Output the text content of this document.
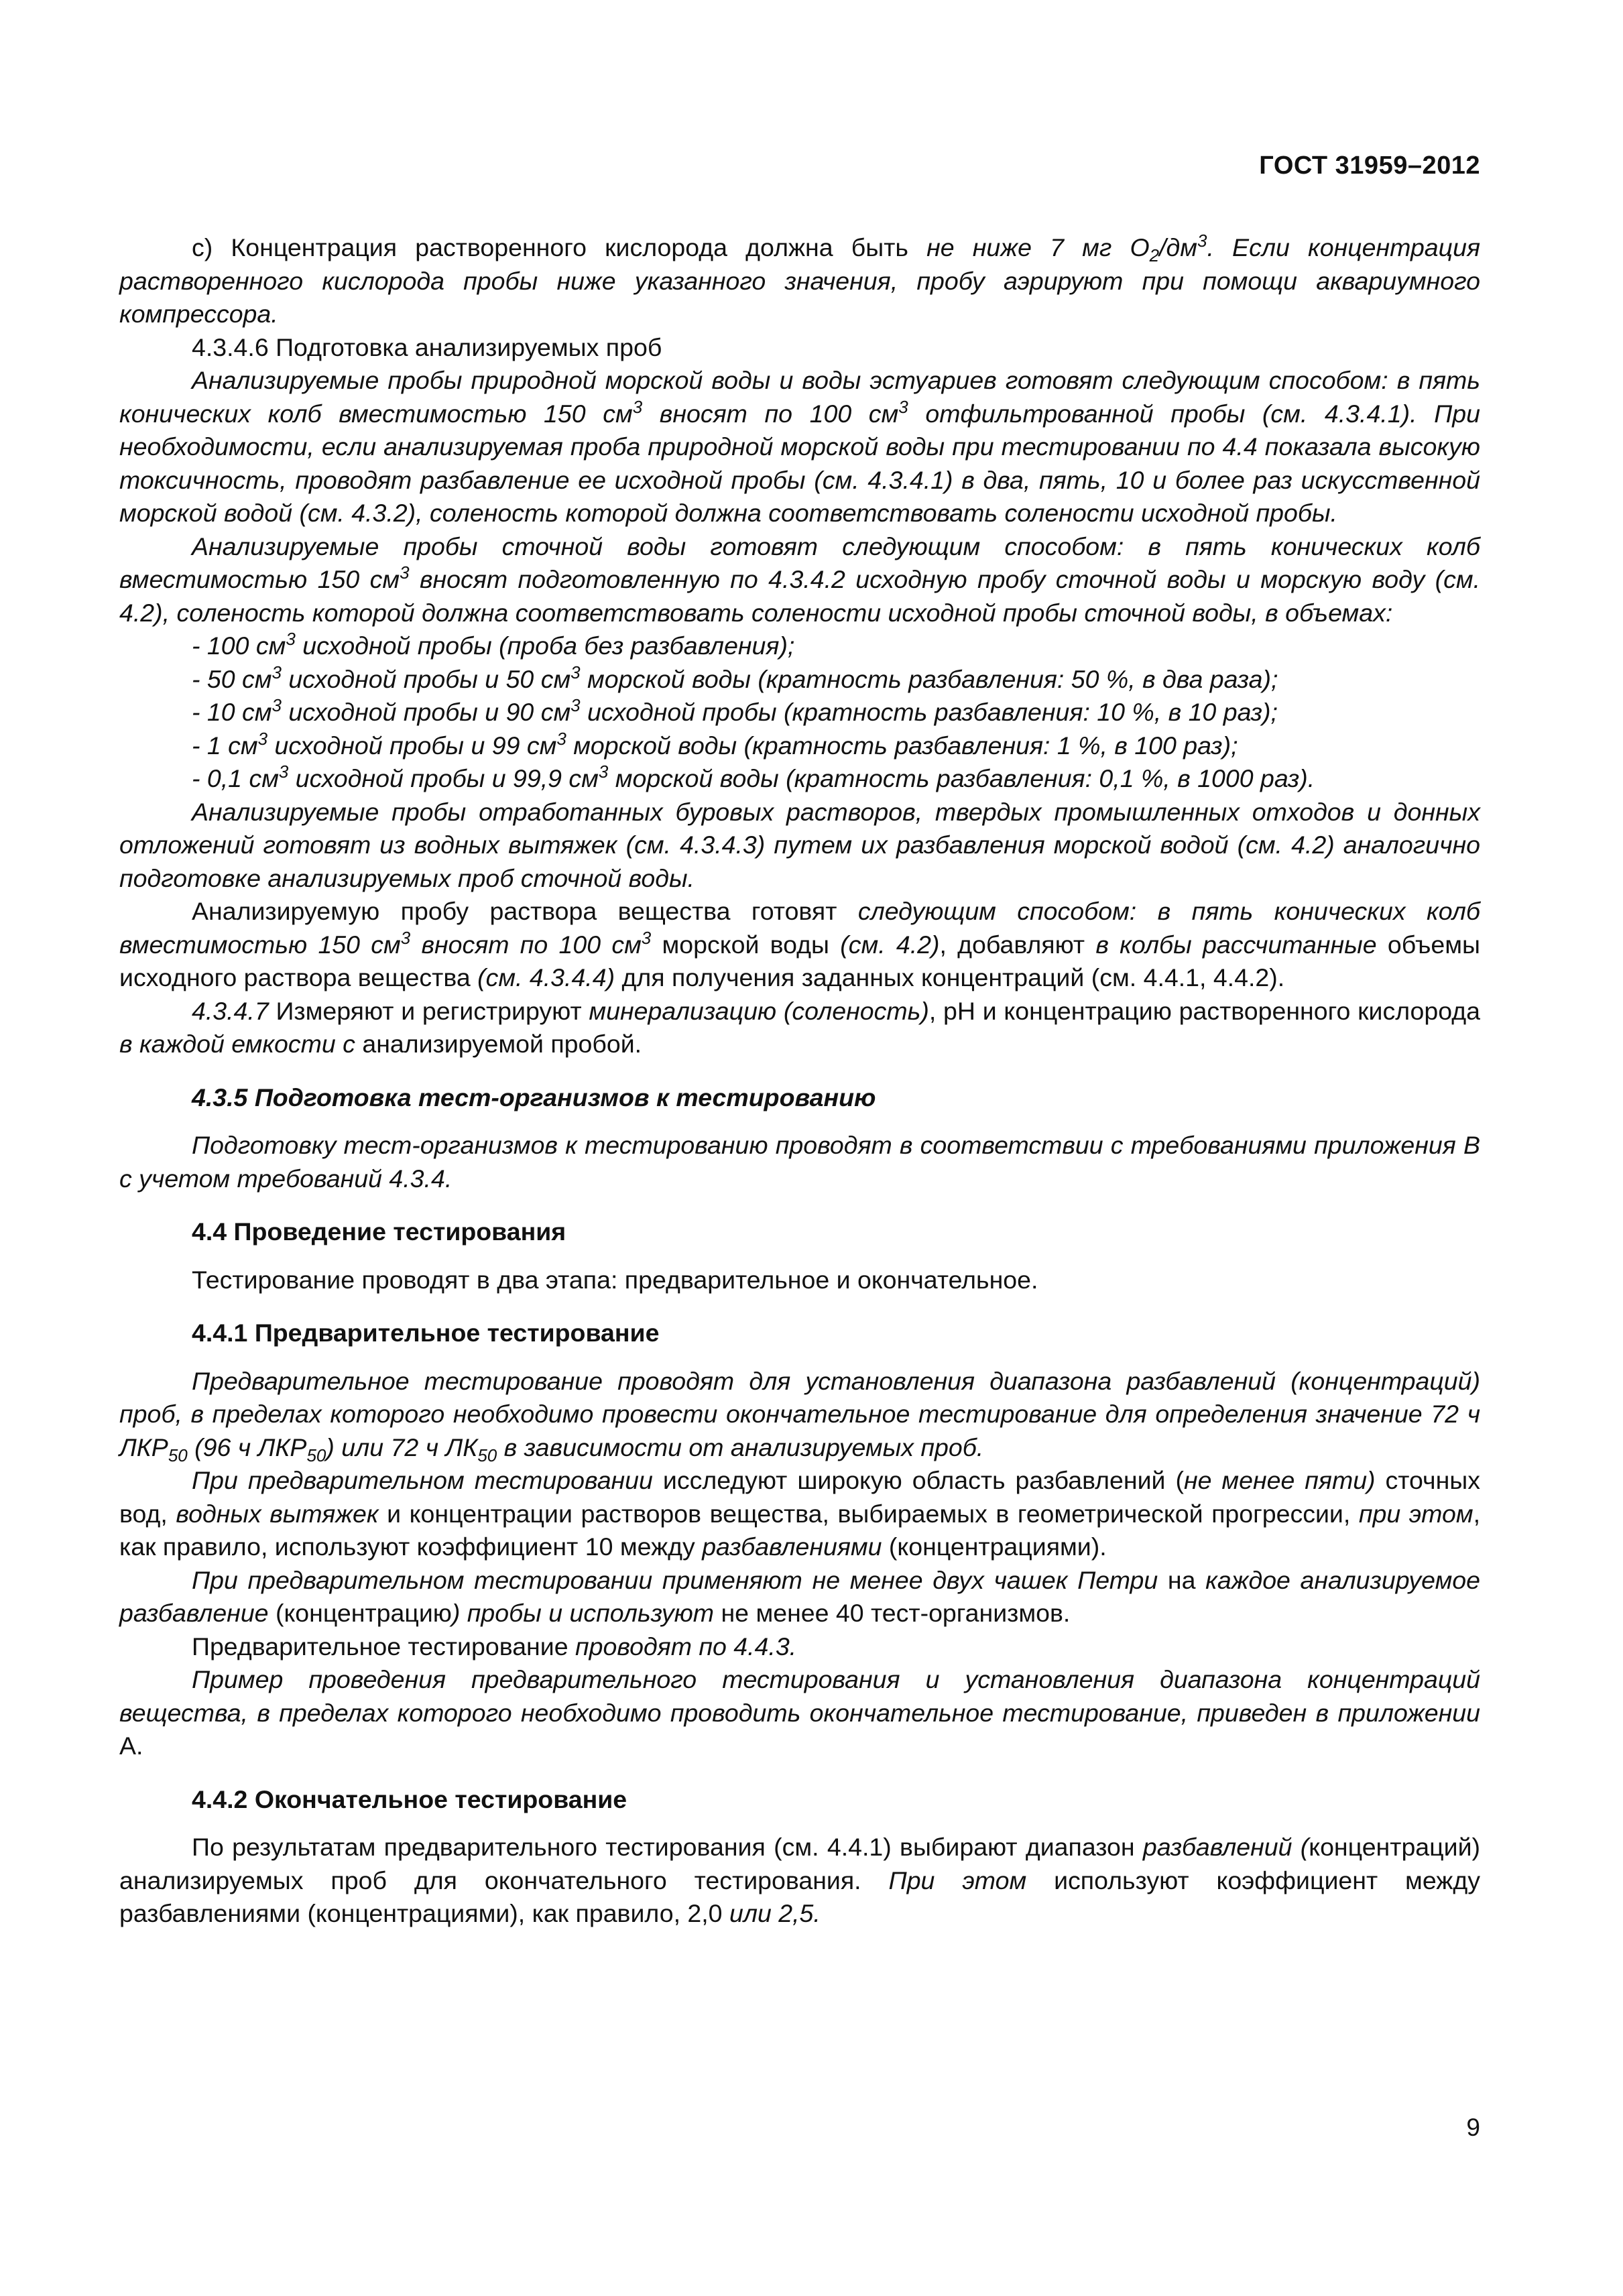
ГОСТ 31959–2012

с) Концентрация растворенного кислорода должна быть не ниже 7 мг $О_2/дм^3$. Если концентрация растворенного кислорода пробы ниже указанного значения, пробу аэрируют при помощи аквариумного компрессора.

4.3.4.6 Подготовка анализируемых проб

Анализируемые пробы природной морской воды и воды эстуариев готовят следующим способом: в пять конических колб вместимостью 150 $см^3$ вносят по 100 $см^3$ отфильтрованной пробы (см. 4.3.4.1). При необходимости, если анализируемая проба природной морской воды при тестировании по 4.4 показала высокую токсичность, проводят разбавление ее исходной пробы (см. 4.3.4.1) в два, пять, 10 и более раз искусственной морской водой (см. 4.3.2), соленость которой должна соответствовать солености исходной пробы.

Анализируемые пробы сточной воды готовят следующим способом: в пять конических колб вместимостью 150 $см^3$ вносят подготовленную по 4.3.4.2 исходную пробу сточной воды и морскую воду (см. 4.2), соленость которой должна соответствовать солености исходной пробы сточной воды, в объемах:

- 100 $см^3$ исходной пробы (проба без разбавления);
- 50 $см^3$ исходной пробы и 50 $см^3$ морской воды (кратность разбавления: 50 %, в два раза);
- 10 $см^3$ исходной пробы и 90 $см^3$ исходной пробы (кратность разбавления: 10 %, в 10 раз);
- 1 $см^3$ исходной пробы и 99 $см^3$ морской воды (кратность разбавления: 1 %, в 100 раз);
- 0,1 $см^3$ исходной пробы и 99,9 $см^3$ морской воды (кратность разбавления: 0,1 %, в 1000 раз).

Анализируемые пробы отработанных буровых растворов, твердых промышленных отходов и донных отложений готовят из водных вытяжек (см. 4.3.4.3) путем их разбавления морской водой (см. 4.2) аналогично подготовке анализируемых проб сточной воды.

Анализируемую пробу раствора вещества готовят следующим способом: в пять конических колб вместимостью 150 $см^3$ вносят по 100 $см^3$ морской воды (см. 4.2), добавляют в колбы рассчитанные объемы исходного раствора вещества (см. 4.3.4.4) для получения заданных концентраций (см. 4.4.1, 4.4.2).

4.3.4.7 Измеряют и регистрируют минерализацию (соленость), pH и концентрацию растворенного кислорода в каждой емкости с анализируемой пробой.

4.3.5 Подготовка тест-организмов к тестированию

Подготовку тест-организмов к тестированию проводят в соответствии с требованиями приложения В с учетом требований 4.3.4.

4.4 Проведение тестирования

Тестирование проводят в два этапа: предварительное и окончательное.

4.4.1 Предварительное тестирование

Предварительное тестирование проводят для установления диапазона разбавлений (концентраций) проб, в пределах которого необходимо провести окончательное тестирование для определения значение 72 ч $ЛКР_{50}$ (96 ч $ЛКР_{50}$) или 72 ч $ЛК_{50}$ в зависимости от анализируемых проб.

При предварительном тестировании исследуют широкую область разбавлений (не менее пяти) сточных вод, водных вытяжек и концентрации растворов вещества, выбираемых в геометрической прогрессии, при этом, как правило, используют коэффициент 10 между разбавлениями (концентрациями).

При предварительном тестировании применяют не менее двух чашек Петри на каждое анализируемое разбавление (концентрацию) пробы и используют не менее 40 тест-организмов.

Предварительное тестирование проводят по 4.4.3.

Пример проведения предварительного тестирования и установления диапазона концентраций вещества, в пределах которого необходимо проводить окончательное тестирование, приведен в приложении А.

4.4.2 Окончательное тестирование

По результатам предварительного тестирования (см. 4.4.1) выбирают диапазон разбавлений (концентраций) анализируемых проб для окончательного тестирования. При этом используют коэффициент между разбавлениями (концентрациями), как правило, 2,0 или 2,5.

9
